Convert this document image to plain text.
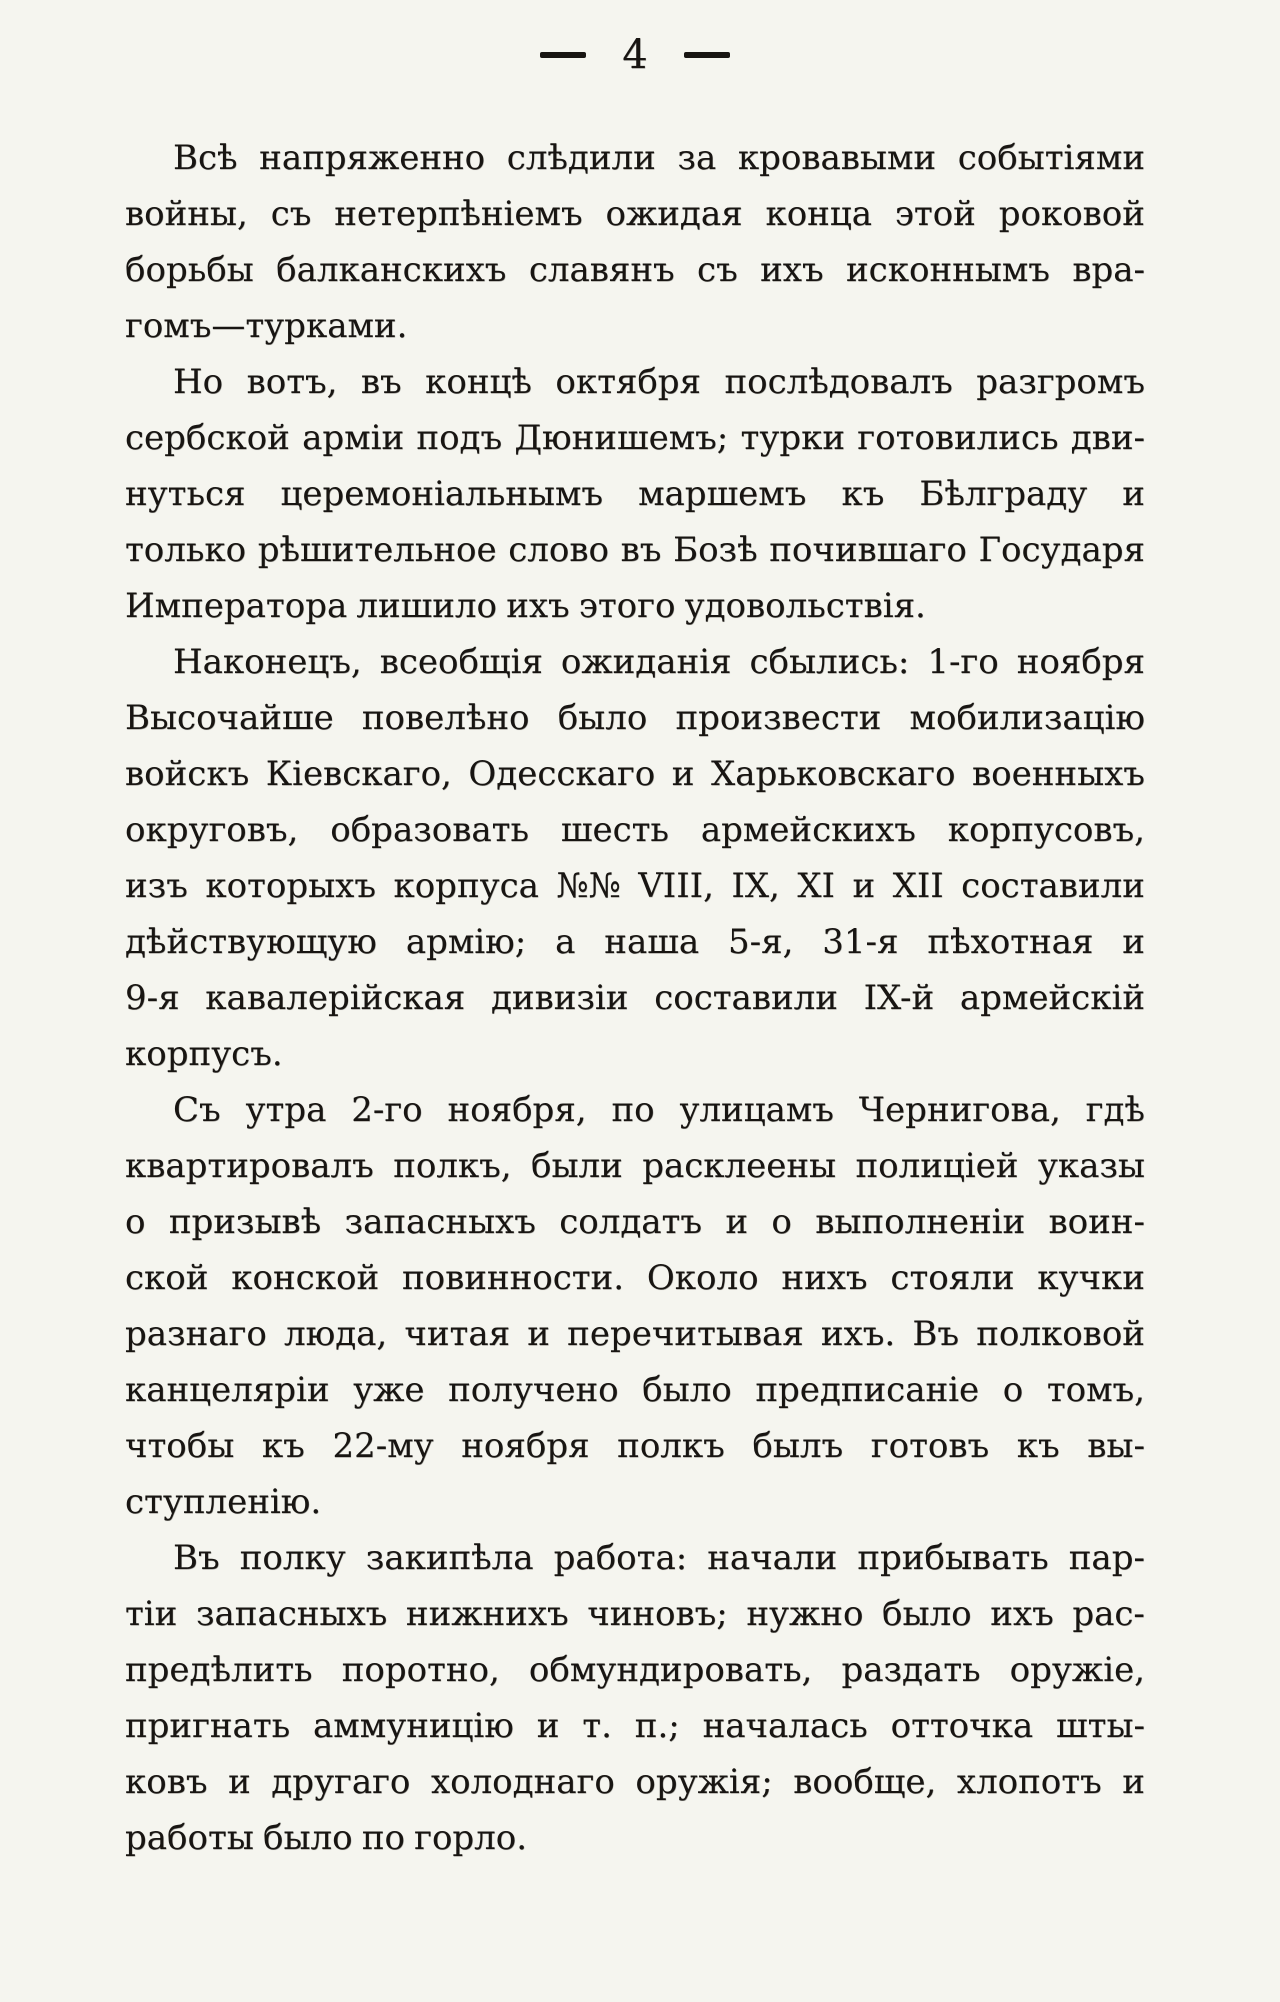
4
Всѣ напряженно слѣдили за кровавыми событіями
войны, съ нетерпѣніемъ ожидая конца этой роковой
борьбы балканскихъ славянъ съ ихъ исконнымъ вра-
гомъ—турками.
Но вотъ, въ концѣ октября послѣдовалъ разгромъ
сербской арміи подъ Дюнишемъ; турки готовились дви-
нуться церемоніальнымъ маршемъ къ Бѣлграду и
только рѣшительное слово въ Бозѣ почившаго Государя
Императора лишило ихъ этого удовольствія.
Наконецъ, всеобщія ожиданія сбылись: 1-го ноября
Высочайше повелѣно было произвести мобилизацію
войскъ Кіевскаго, Одесскаго и Харьковскаго военныхъ
округовъ, образовать шесть армейскихъ корпусовъ,
изъ которыхъ корпуса №№ VIII, IX, XI и XII составили
дѣйствующую армію; а наша 5-я, 31-я пѣхотная и
9-я кавалерійская дивизіи составили IX-й армейскій
корпусъ.
Съ утра 2-го ноября, по улицамъ Чернигова, гдѣ
квартировалъ полкъ, были расклеены полиціей указы
о призывѣ запасныхъ солдатъ и о выполненіи воин-
ской конской повинности. Около нихъ стояли кучки
разнаго люда, читая и перечитывая ихъ. Въ полковой
канцеляріи уже получено было предписаніе о томъ,
чтобы къ 22-му ноября полкъ былъ готовъ къ вы-
ступленію.
Въ полку закипѣла работа: начали прибывать пар-
тіи запасныхъ нижнихъ чиновъ; нужно было ихъ рас-
предѣлить поротно, обмундировать, раздать оружіе,
пригнать аммуницію и т. п.; началась отточка шты-
ковъ и другаго холоднаго оружія; вообще, хлопотъ и
работы было по горло.
